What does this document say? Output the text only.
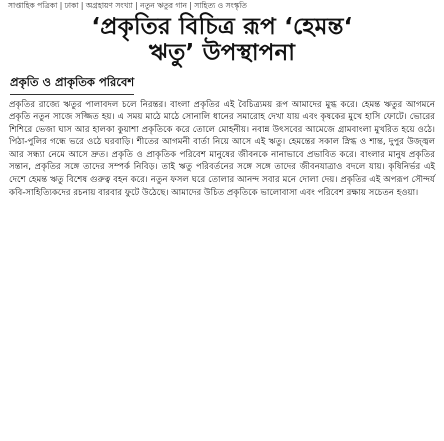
সাপ্তাহিক পত্রিকা | ঢাকা | অগ্রহায়ণ সংখ্যা | নতুন ঋতুর গান | সাহিত্য ও সংস্কৃতি
‘প্রকৃতির বিচিত্র রূপ ‘হেমন্ত‘
ঋতু’ উপস্থাপনা
প্রকৃতি ও প্রাকৃতিক পরিবেশ

প্রকৃতির রাজ্যে ঋতুর পালাবদল চলে নিরন্তর। বাংলা প্রকৃতির এই বৈচিত্র্যময় রূপ আমাদের মুগ্ধ করে। হেমন্ত ঋতুর আগমনে প্রকৃতি নতুন সাজে সজ্জিত হয়। এ সময় মাঠে মাঠে সোনালি ধানের সমারোহ দেখা যায় এবং কৃষকের মুখে হাসি ফোটে। ভোরের শিশিরে ভেজা ঘাস আর হালকা কুয়াশা প্রকৃতিকে করে তোলে মোহনীয়। নবান্ন উৎসবের আমেজে গ্রামবাংলা মুখরিত হয়ে ওঠে। পিঠা-পুলির গন্ধে ভরে ওঠে ঘরবাড়ি। শীতের আগমনী বার্তা নিয়ে আসে এই ঋতু। হেমন্তের সকাল স্নিগ্ধ ও শান্ত, দুপুর উজ্জ্বল আর সন্ধ্যা নেমে আসে দ্রুত। প্রকৃতি ও প্রাকৃতিক পরিবেশ মানুষের জীবনকে নানাভাবে প্রভাবিত করে। বাংলার মানুষ প্রকৃতির সন্তান, প্রকৃতির সঙ্গে তাদের সম্পর্ক নিবিড়। তাই ঋতু পরিবর্তনের সঙ্গে সঙ্গে তাদের জীবনযাত্রাও বদলে যায়। কৃষিনির্ভর এই দেশে হেমন্ত ঋতু বিশেষ গুরুত্ব বহন করে। নতুন ফসল ঘরে তোলার আনন্দ সবার মনে দোলা দেয়। প্রকৃতির এই অপরূপ সৌন্দর্য কবি-সাহিত্যিকদের রচনায় বারবার ফুটে উঠেছে। আমাদের উচিত প্রকৃতিকে ভালোবাসা এবং পরিবেশ রক্ষায় সচেতন হওয়া।
